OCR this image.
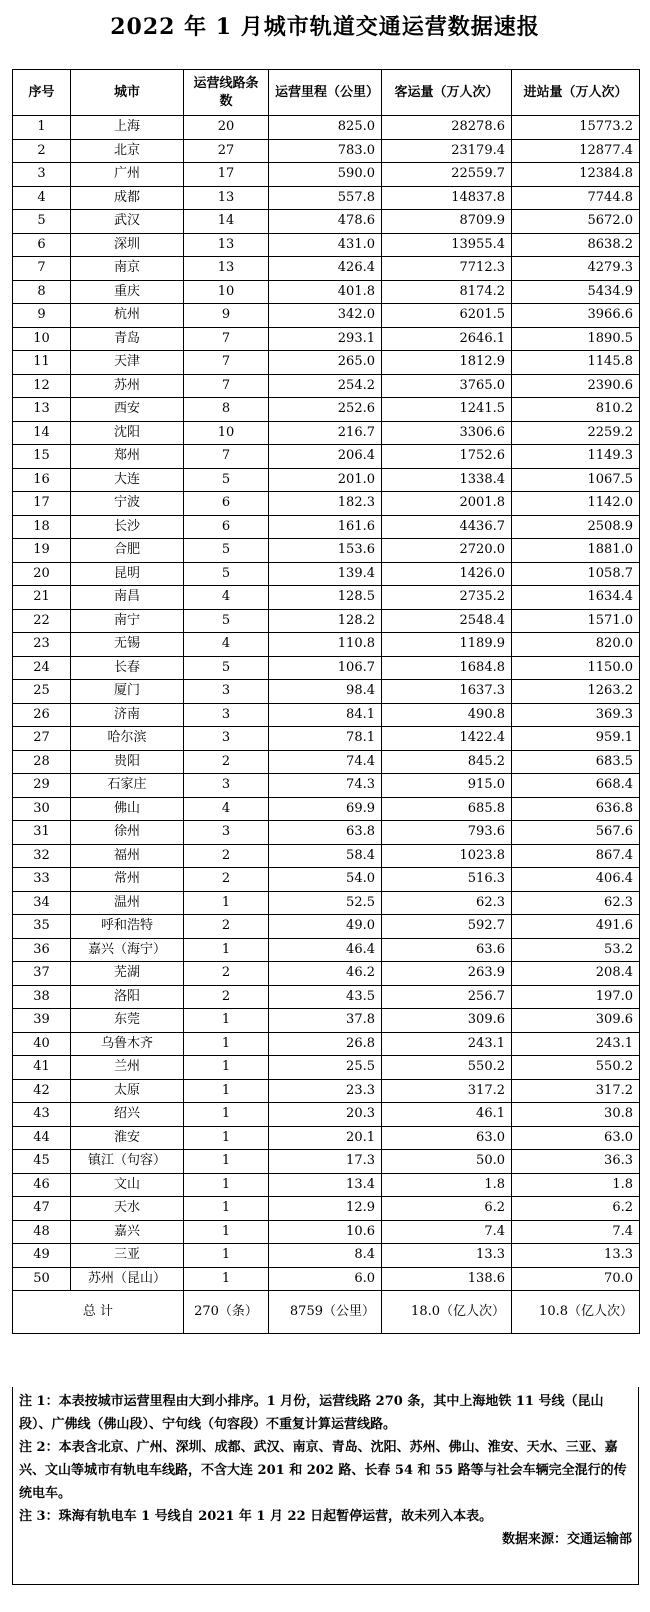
2022 年 1 月城市轨道交通运营数据速报
序号	城市	运营线路条数	运营里程（公里）	客运量（万人次）	进站量（万人次）
1	上海	20	825.0	28278.6	15773.2
2	北京	27	783.0	23179.4	12877.4
3	广州	17	590.0	22559.7	12384.8
4	成都	13	557.8	14837.8	7744.8
5	武汉	14	478.6	8709.9	5672.0
6	深圳	13	431.0	13955.4	8638.2
7	南京	13	426.4	7712.3	4279.3
8	重庆	10	401.8	8174.2	5434.9
9	杭州	9	342.0	6201.5	3966.6
10	青岛	7	293.1	2646.1	1890.5
11	天津	7	265.0	1812.9	1145.8
12	苏州	7	254.2	3765.0	2390.6
13	西安	8	252.6	1241.5	810.2
14	沈阳	10	216.7	3306.6	2259.2
15	郑州	7	206.4	1752.6	1149.3
16	大连	5	201.0	1338.4	1067.5
17	宁波	6	182.3	2001.8	1142.0
18	长沙	6	161.6	4436.7	2508.9
19	合肥	5	153.6	2720.0	1881.0
20	昆明	5	139.4	1426.0	1058.7
21	南昌	4	128.5	2735.2	1634.4
22	南宁	5	128.2	2548.4	1571.0
23	无锡	4	110.8	1189.9	820.0
24	长春	5	106.7	1684.8	1150.0
25	厦门	3	98.4	1637.3	1263.2
26	济南	3	84.1	490.8	369.3
27	哈尔滨	3	78.1	1422.4	959.1
28	贵阳	2	74.4	845.2	683.5
29	石家庄	3	74.3	915.0	668.4
30	佛山	4	69.9	685.8	636.8
31	徐州	3	63.8	793.6	567.6
32	福州	2	58.4	1023.8	867.4
33	常州	2	54.0	516.3	406.4
34	温州	1	52.5	62.3	62.3
35	呼和浩特	2	49.0	592.7	491.6
36	嘉兴（海宁）	1	46.4	63.6	53.2
37	芜湖	2	46.2	263.9	208.4
38	洛阳	2	43.5	256.7	197.0
39	东莞	1	37.8	309.6	309.6
40	乌鲁木齐	1	26.8	243.1	243.1
41	兰州	1	25.5	550.2	550.2
42	太原	1	23.3	317.2	317.2
43	绍兴	1	20.3	46.1	30.8
44	淮安	1	20.1	63.0	63.0
45	镇江（句容）	1	17.3	50.0	36.3
46	文山	1	13.4	1.8	1.8
47	天水	1	12.9	6.2	6.2
48	嘉兴	1	10.6	7.4	7.4
49	三亚	1	8.4	13.3	13.3
50	苏州（昆山）	1	6.0	138.6	70.0
总 计		270（条）	8759（公里）	18.0（亿人次）	10.8（亿人次）

注 1：本表按城市运营里程由大到小排序。1 月份，运营线路 270 条，其中上海地铁 11 号线（昆山段）、广佛线（佛山段）、宁句线（句容段）不重复计算运营线路。

注 2：本表含北京、广州、深圳、成都、武汉、南京、青岛、沈阳、苏州、佛山、淮安、天水、三亚、嘉兴、文山等城市有轨电车线路，不含大连 201 和 202 路、长春 54 和 55 路等与社会车辆完全混行的传统电车。

注 3：珠海有轨电车 1 号线自 2021 年 1 月 22 日起暂停运营，故未列入本表。

数据来源：交通运输部
